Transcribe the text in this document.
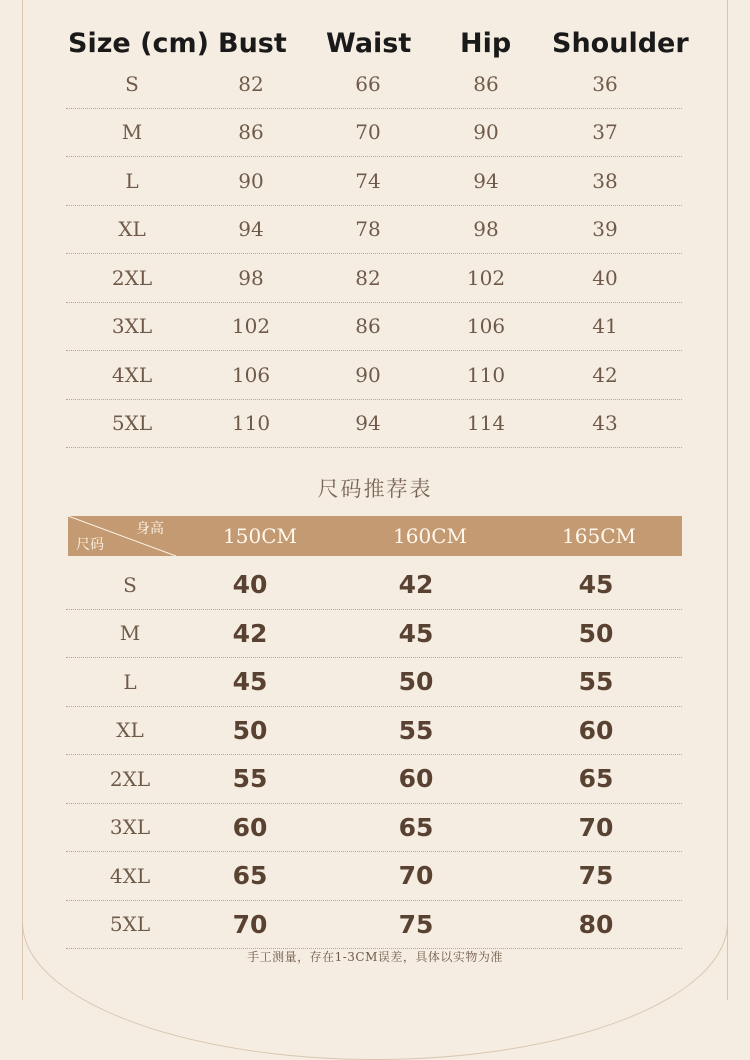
Size (cm) Bust Waist Hip Shoulder
S	82	66	86	36
M	86	70	90	37
L	90	74	94	38
XL	94	78	98	39
2XL	98	82	102	40
3XL	102	86	106	41
4XL	106	90	110	42
5XL	110	94	114	43
尺码推荐表
身高
尺码	150CM	160CM	165CM
S	40	42	45
M	42	45	50
L	45	50	55
XL	50	55	60
2XL	55	60	65
3XL	60	65	70
4XL	65	70	75
5XL	70	75	80
手工测量，存在1-3CM误差，具体以实物为准
